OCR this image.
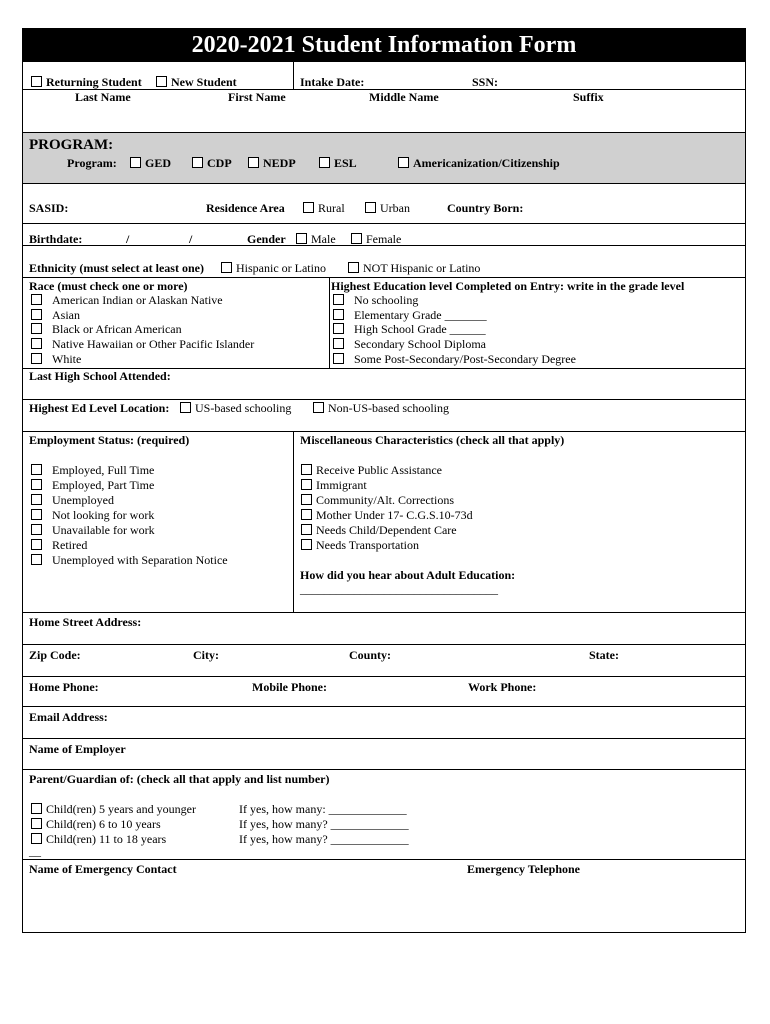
2020-2021 Student Information Form
Returning Student	New Student	Intake Date:	SSN:
Last Name	First Name	Middle Name	Suffix
PROGRAM:
Program:	GED	CDP	NEDP	ESL	Americanization/Citizenship
SASID:	Residence Area	Rural	Urban	Country Born:
Birthdate:	/	/	Gender	Male	Female
Ethnicity (must select at least one)	Hispanic or Latino	NOT Hispanic or Latino
Race (must check one or more)
American Indian or Alaskan Native
Asian
Black or African American
Native Hawaiian or Other Pacific Islander
White
Highest Education level Completed on Entry: write in the grade level
No schooling
Elementary Grade _______
High School Grade ______
Secondary School Diploma
Some Post-Secondary/Post-Secondary Degree
Last High School Attended:
Highest Ed Level Location:	US-based schooling	Non-US-based schooling
Employment Status: (required)
Employed, Full Time
Employed, Part Time
Unemployed
Not looking for work
Unavailable for work
Retired
Unemployed with Separation Notice
Miscellaneous Characteristics (check all that apply)
Receive Public Assistance
Immigrant
Community/Alt. Corrections
Mother Under 17- C.G.S.10-73d
Needs Child/Dependent Care
Needs Transportation
How did you hear about Adult Education:
_________________________________
Home Street Address:
Zip Code:	City:	County:	State:
Home Phone:	Mobile Phone:	Work Phone:
Email Address:
Name of Employer
Parent/Guardian of: (check all that apply and list number)
Child(ren) 5 years and younger	If yes, how many: _____________
Child(ren) 6 to 10 years	If yes, how many? _____________
Child(ren) 11 to 18 years	If yes, how many? _____________
__
Name of Emergency Contact	Emergency Telephone
